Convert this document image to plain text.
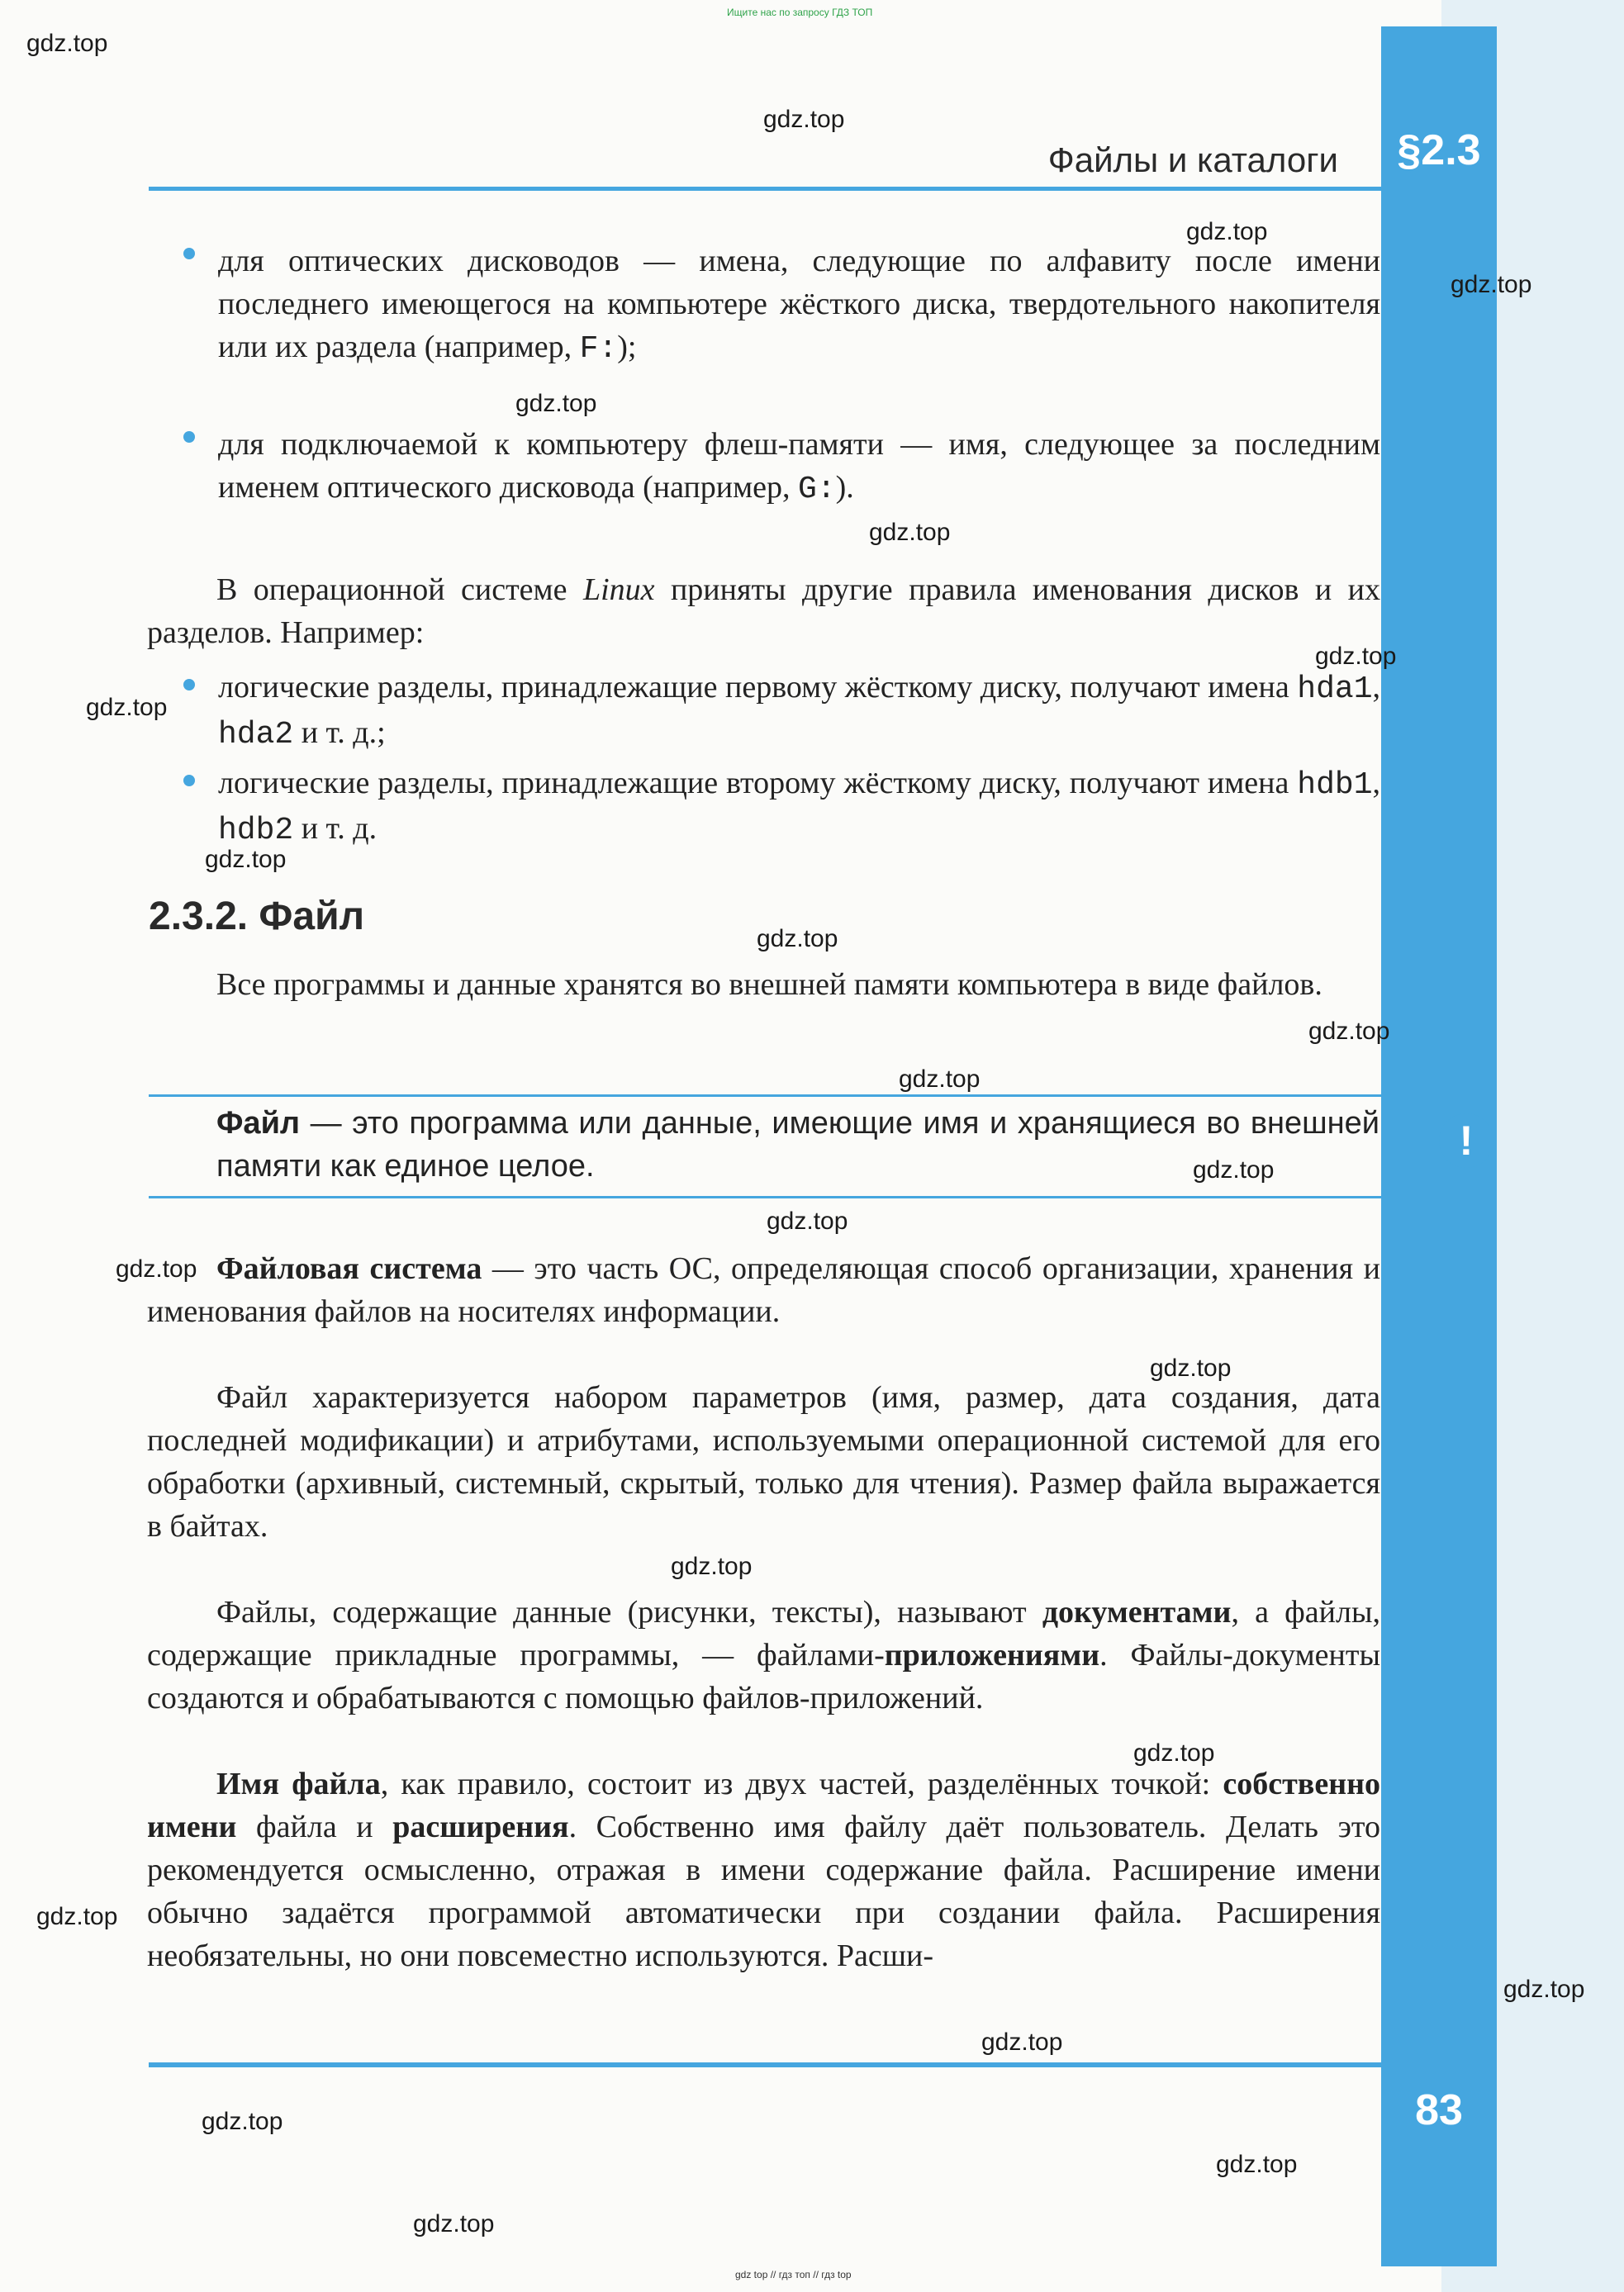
Ищите нас по запросу ГДЗ ТОП
§2.3
Файлы и каталоги
для оптических дисководов — имена, следующие по алфавиту после имени последнего имеющегося на компьютере жёсткого диска, твердотельного накопителя или их раздела (например, F:);
для подключаемой к компьютеру флеш-памяти — имя, следующее за последним именем оптического дисковода (например, G:).
В операционной системе Linux приняты другие правила именования дисков и их разделов. Например:
логические разделы, принадлежащие первому жёсткому диску, получают имена hda1, hda2 и т. д.;
логические разделы, принадлежащие второму жёсткому диску, получают имена hdb1, hdb2 и т. д.
2.3.2. Файл
Все программы и данные хранятся во внешней памяти компьютера в виде файлов.
Файл — это программа или данные, имеющие имя и хранящиеся во внешней памяти как единое целое.
!
Файловая система — это часть ОС, определяющая способ организации, хранения и именования файлов на носителях информации.
Файл характеризуется набором параметров (имя, размер, дата создания, дата последней модификации) и атрибутами, используемыми операционной системой для его обработки (архивный, системный, скрытый, только для чтения). Размер файла выражается в байтах.
Файлы, содержащие данные (рисунки, тексты), называют документами, а файлы, содержащие прикладные программы, — файлами-приложениями. Файлы-документы создаются и обрабатываются с помощью файлов-приложений.
Имя файла, как правило, состоит из двух частей, разделённых точкой: собственно имени файла и расширения. Собственно имя файлу даёт пользователь. Делать это рекомендуется осмысленно, отражая в имени содержание файла. Расширение имени обычно задаётся программой автоматически при создании файла. Расширения необязательны, но они повсеместно используются. Расши-
83
gdz top // гдз топ // гдз top
gdz.top
gdz.top
gdz.top
gdz.top
gdz.top
gdz.top
gdz.top
gdz.top
gdz.top
gdz.top
gdz.top
gdz.top
gdz.top
gdz.top
gdz.top
gdz.top
gdz.top
gdz.top
gdz.top
gdz.top
gdz.top
gdz.top
gdz.top
gdz.top
